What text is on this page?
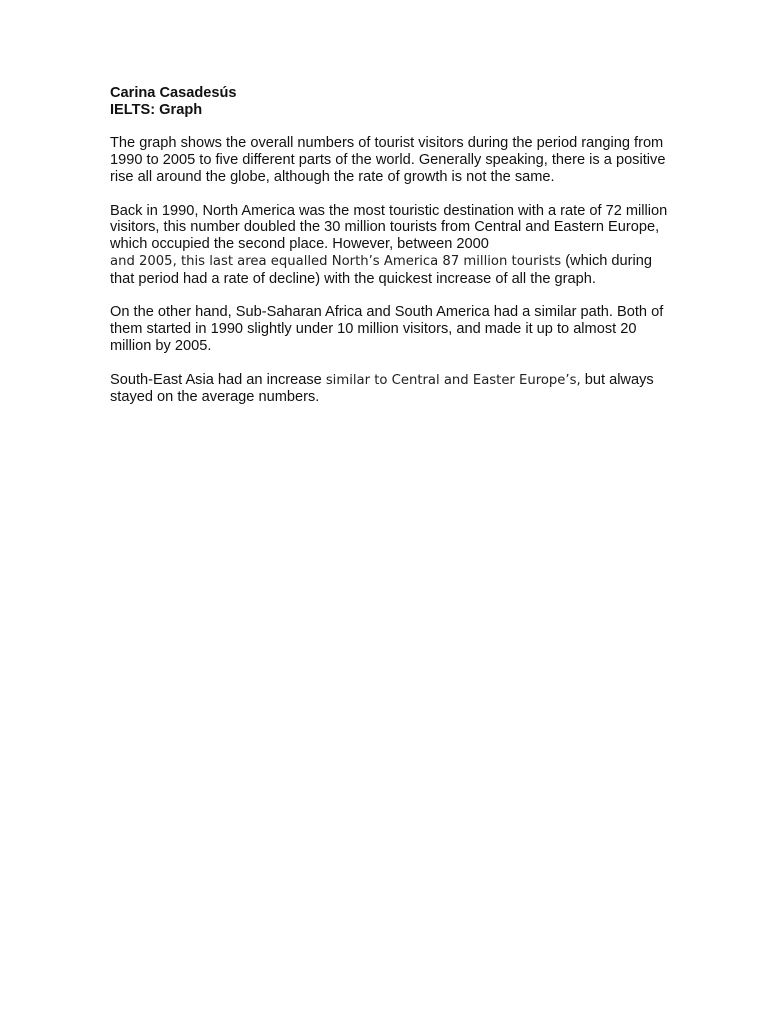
Carina Casadesús
IELTS: Graph

The graph shows the overall numbers of tourist visitors during the period ranging from 1990 to 2005 to five different parts of the world. Generally speaking, there is a positive rise all around the globe, although the rate of growth is not the same.

Back in 1990, North America was the most touristic destination with a rate of 72 million visitors, this number doubled the 30 million tourists from Central and Eastern Europe, which occupied the second place. However, between 2000
and 2005, this last area equalled North’s America 87 million tourists (which during that period had a rate of decline) with the quickest increase of all the graph.

On the other hand, Sub-Saharan Africa and South America had a similar path. Both of them started in 1990 slightly under 10 million visitors, and made it up to almost 20 million by 2005.

South-East Asia had an increase similar to Central and Easter Europe’s, but always stayed on the average numbers.
